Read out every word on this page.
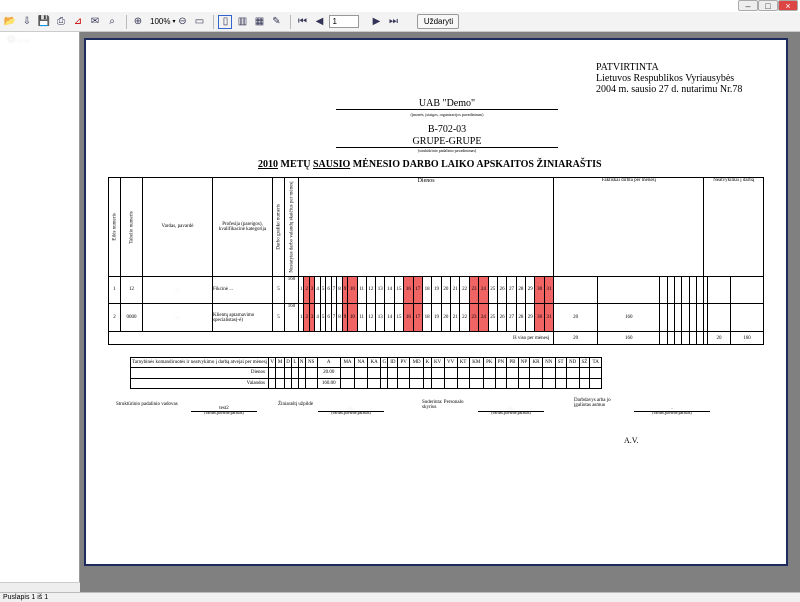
–	□	×
📂 ⇩ 💾 ⎙ ⊿ ✉	⌕	⊕ 100% ▾ ⊖ ▭	▯ ▥ ▦ ✎ ⏮ ◀
1	▶ ⏭	Uždaryti
▢ ... ...
PATVIRTINTA
Lietuvos Respublikos Vyriausybės
2004 m. sausio 27 d. nutarimu Nr.78
UAB "Demo"
(įmonės, įstaigos, organizacijos pavadinimas)
B-702-03
GRUPE-GRUPE
(struktūrinio padalinio pavadinimas)
2010 METŲ SAUSIO MĖNESIO DARBO LAIKO APSKAITOS ŽINIARAŠTIS
Eilės numeris	Tabelio numeris	Vardas, pavardė	Profesija (pareigos), kvalifikacinė kategorija	Darbo grafiko numeris	Nustatytas darbo valandų skaičius per mėnesį	Dienos																															Faktiškai dirbta per mėnesį								Neatvykimai į darbą		
1	12	...	Fikcinė ...	5	160	1	2	3	4	5	6	7	8	9	10	11	12	13	14	15	16	17	18	19	20	21	22	23	24	25	26	27	28	29	30	31											
2	0000	...	Klientų aptarnavimo specialistas(-ė)	5	160	1	2	3	4	5	6	7	8	9	10	11	12	13	14	15	16	17	18	19	20	21	22	23	24	25	26	27	28	29	30	31	20	160									
Iš viso per mėnesį																																					20	160								20	160
Tarnybinės komandiruotės ir neatvykimo į darbą atvejai per mėnesį	V	M	D	L	N	NS	A	MA	NA	KA	G	ID	PV	MD	K	KV	VV	KT	KM	PK	PN	PB	NP	KR	NN	ST	ND	SŽ	TA
Dienos							20.00																						
Valandos							160.00																						
Struktūrinio padalinio vadovas
test2
(vardas,pavardė,parašas)
Žiniaraštį užpildė
.....
(vardas,pavardė,parašas)
Suderinta: Personalo skyrius	.....
(vardas,pavardė,parašas)
Darbdavys arba jo įgaliotas asmuo
.
(vardas,pavardė,parašas)
A.V.
Puslapis 1 iš 1
